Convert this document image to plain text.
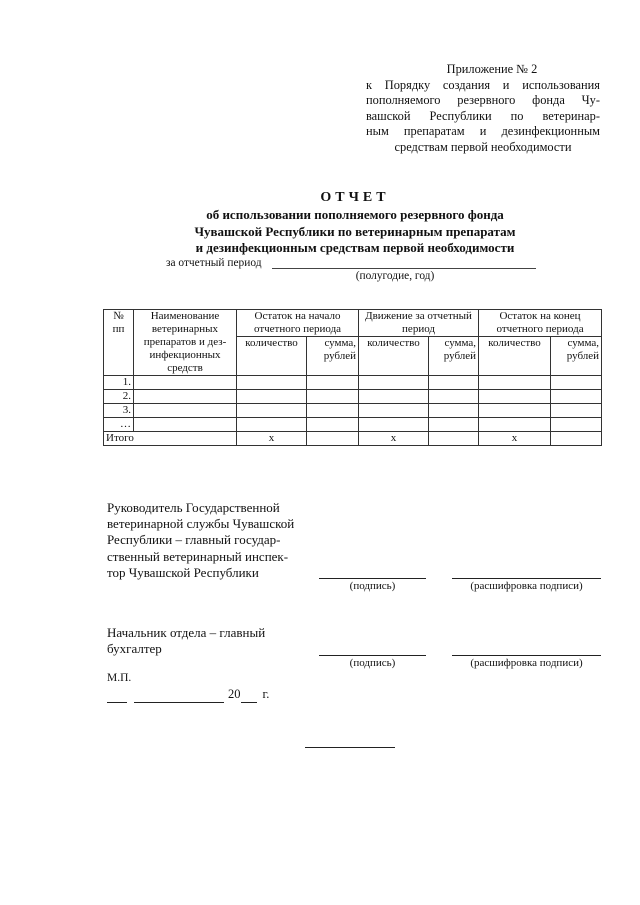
Приложение № 2
к Порядку создания и использования
пополняемого резервного фонда Чу-
вашской Республики по ветеринар-
ным препаратам и дезинфекционным
средствам первой необходимости
ОТЧЕТ
об использовании пополняемого резервного фонда
Чувашской Республики по ветеринарным препаратам
и дезинфекционным средствам первой необходимости
за отчетный период
(полугодие, год)
№ пп	Наименование ветеринарных препаратов и дез-инфекционных средств	Остаток на начало отчетного периода		Движение за отчетный период		Остаток на конец отчетного периода	
		количество	сумма, рублей	количество	сумма, рублей	количество	сумма, рублей
1.							
2.							
3.							
…							
Итого		x		x		x	
Руководитель Государственной
ветеринарной службы Чувашской
Республики – главный государ-
ственный ветеринарный инспек-
тор Чувашской Республики
(подпись)	(расшифровка подписи)
Начальник отдела – главный
бухгалтер
(подпись)	(расшифровка подписи)
М.П.
20 г.
